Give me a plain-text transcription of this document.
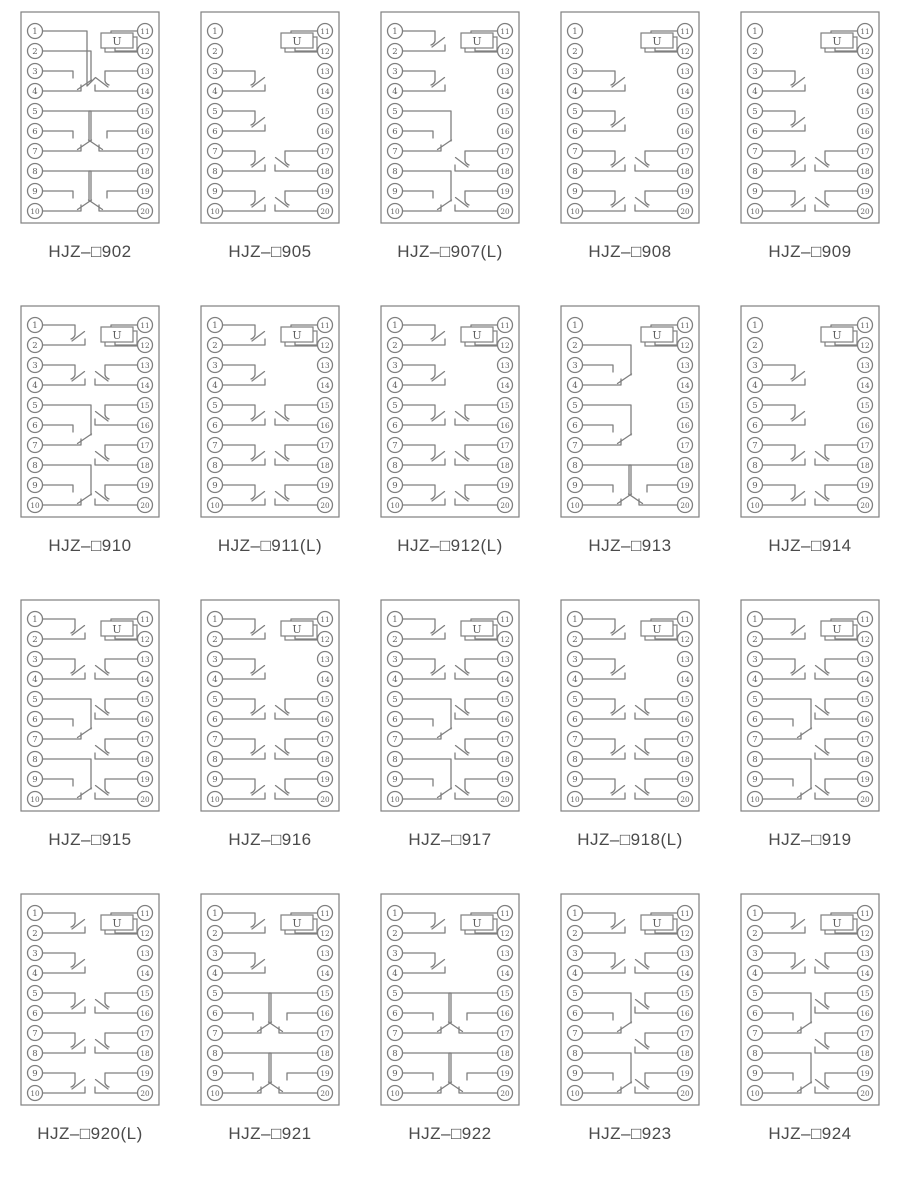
U
1
2
3
4
5
6
7
8
9
10
11
12
13
14
15
16
17
18
19
20
HJZ–□902
U
1
2
3
4
5
6
7
8
9
10
11
12
13
14
15
16
17
18
19
20
HJZ–□905
U
1
2
3
4
5
6
7
8
9
10
11
12
13
14
15
16
17
18
19
20
HJZ–□907(L)
U
1
2
3
4
5
6
7
8
9
10
11
12
13
14
15
16
17
18
19
20
HJZ–□908
U
1
2
3
4
5
6
7
8
9
10
11
12
13
14
15
16
17
18
19
20
HJZ–□909
U
1
2
3
4
5
6
7
8
9
10
11
12
13
14
15
16
17
18
19
20
HJZ–□910
U
1
2
3
4
5
6
7
8
9
10
11
12
13
14
15
16
17
18
19
20
HJZ–□911(L)
U
1
2
3
4
5
6
7
8
9
10
11
12
13
14
15
16
17
18
19
20
HJZ–□912(L)
U
1
2
3
4
5
6
7
8
9
10
11
12
13
14
15
16
17
18
19
20
HJZ–□913
U
1
2
3
4
5
6
7
8
9
10
11
12
13
14
15
16
17
18
19
20
HJZ–□914
U
1
2
3
4
5
6
7
8
9
10
11
12
13
14
15
16
17
18
19
20
HJZ–□915
U
1
2
3
4
5
6
7
8
9
10
11
12
13
14
15
16
17
18
19
20
HJZ–□916
U
1
2
3
4
5
6
7
8
9
10
11
12
13
14
15
16
17
18
19
20
HJZ–□917
U
1
2
3
4
5
6
7
8
9
10
11
12
13
14
15
16
17
18
19
20
HJZ–□918(L)
U
1
2
3
4
5
6
7
8
9
10
11
12
13
14
15
16
17
18
19
20
HJZ–□919
U
1
2
3
4
5
6
7
8
9
10
11
12
13
14
15
16
17
18
19
20
HJZ–□920(L)
U
1
2
3
4
5
6
7
8
9
10
11
12
13
14
15
16
17
18
19
20
HJZ–□921
U
1
2
3
4
5
6
7
8
9
10
11
12
13
14
15
16
17
18
19
20
HJZ–□922
U
1
2
3
4
5
6
7
8
9
10
11
12
13
14
15
16
17
18
19
20
HJZ–□923
U
1
2
3
4
5
6
7
8
9
10
11
12
13
14
15
16
17
18
19
20
HJZ–□924
